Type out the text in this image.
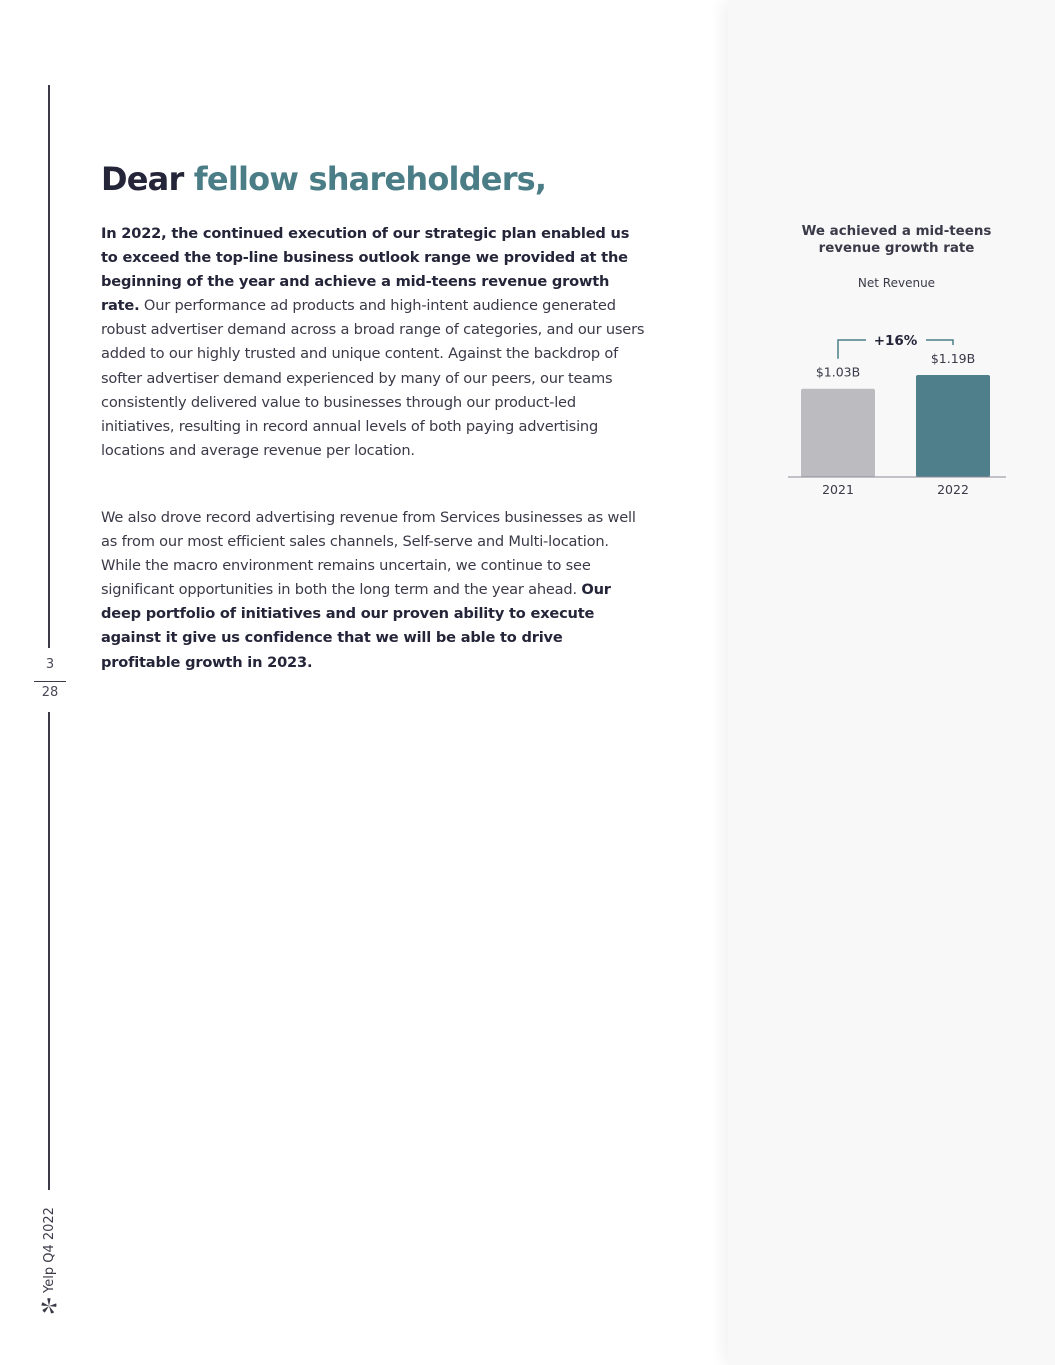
3
28
Yelp Q4 2022
Dear fellow shareholders,

In 2022, the continued execution of our strategic plan enabled us to exceed the top-line business outlook range we provided at the beginning of the year and achieve a mid-teens revenue growth rate. Our performance ad products and high-intent audience generated robust advertiser demand across a broad range of categories, and our users added to our highly trusted and unique content. Against the backdrop of softer advertiser demand experienced by many of our peers, our teams consistently delivered value to businesses through our product-led initiatives, resulting in record annual levels of both paying advertising locations and average revenue per location.

We also drove record advertising revenue from Services businesses as well as from our most efficient sales channels, Self-serve and Multi-location. While the macro environment remains uncertain, we continue to see significant opportunities in both the long term and the year ahead. Our deep portfolio of initiatives and our proven ability to execute against it give us confidence that we will be able to drive profitable growth in 2023.

We achieved a mid-teens revenue growth rate
Net Revenue
$1.03B
2021
$1.19B
2022
+16%
